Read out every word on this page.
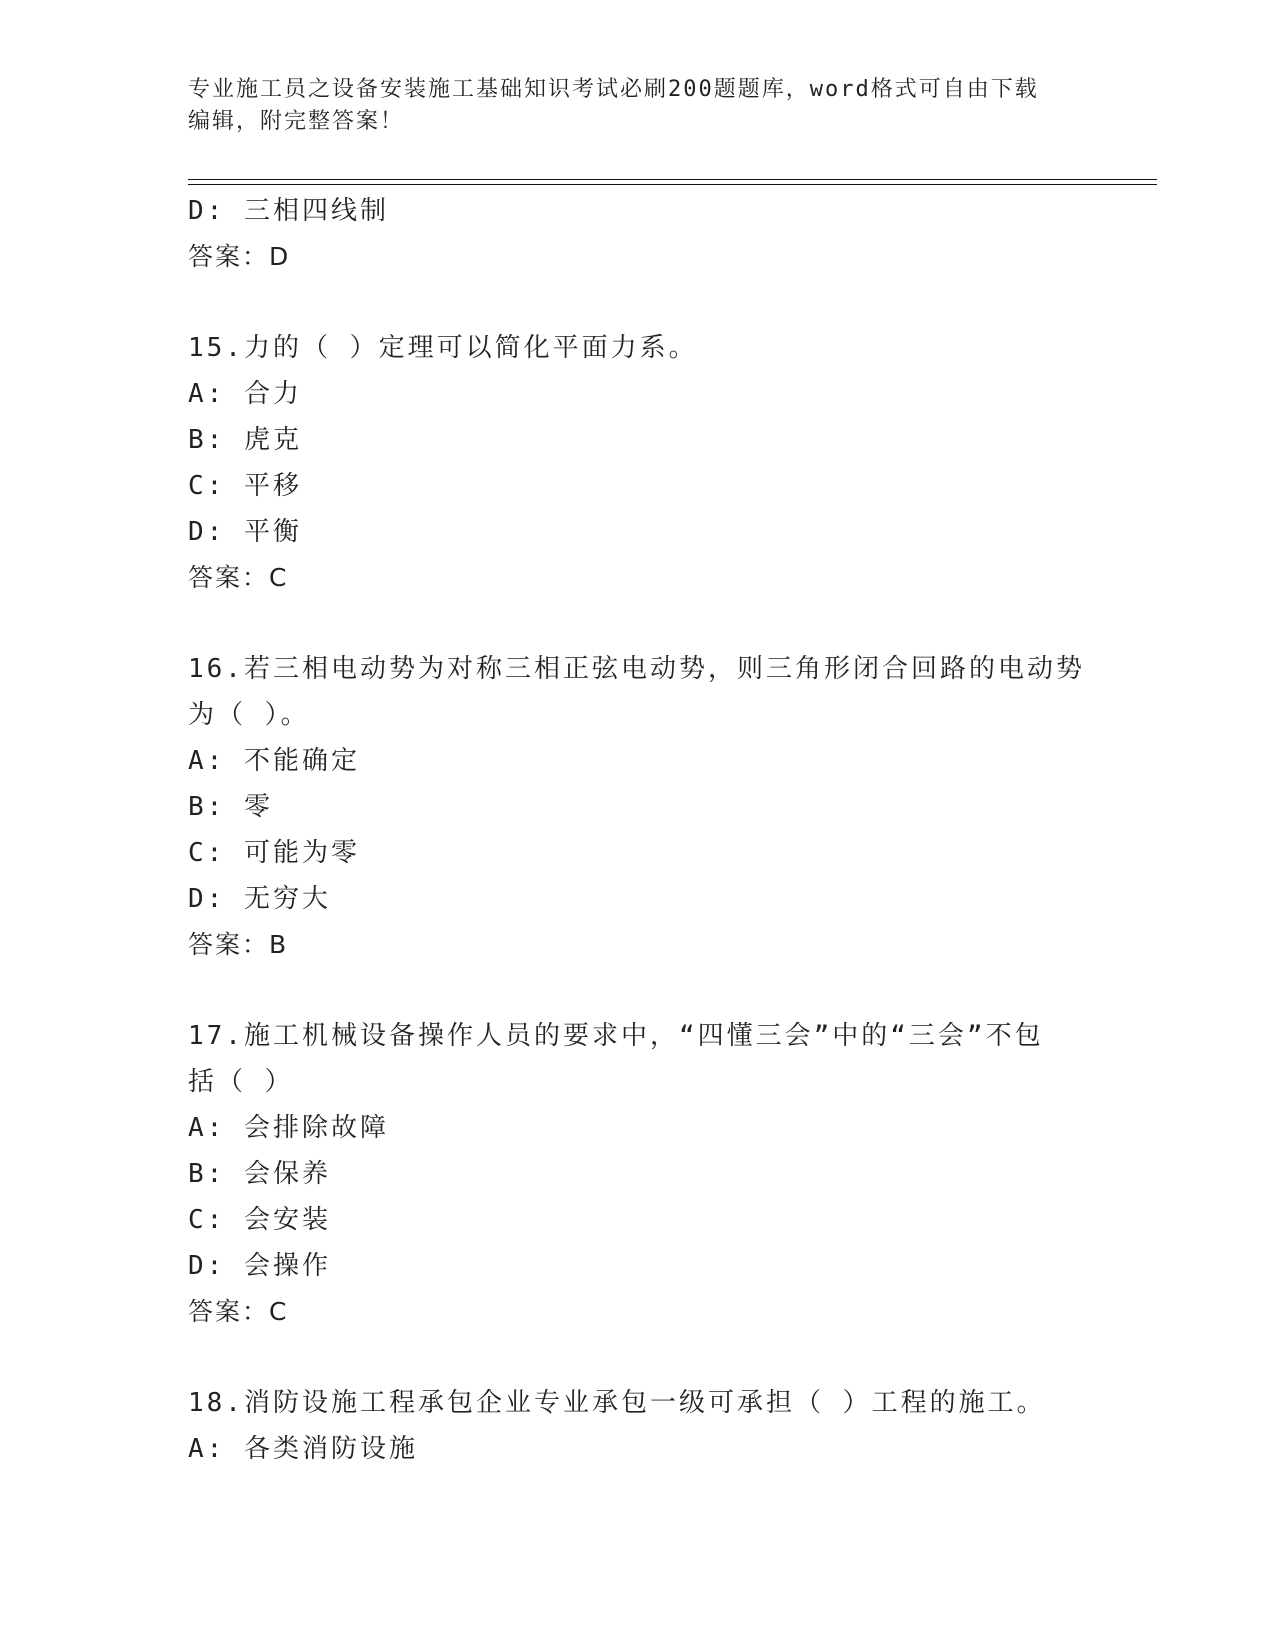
专业施工员之设备安装施工基础知识考试必刷200题题库，word格式可自由下载
编辑，附完整答案！
D: 三相四线制
答案：D
15.力的（ ）定理可以简化平面力系。
A: 合力
B: 虎克
C: 平移
D: 平衡
答案：C
16.若三相电动势为对称三相正弦电动势，则三角形闭合回路的电动势
为（ ）。
A: 不能确定
B: 零
C: 可能为零
D: 无穷大
答案：B
17.施工机械设备操作人员的要求中，“四懂三会”中的“三会”不包
括（ ）
A: 会排除故障
B: 会保养
C: 会安装
D: 会操作
答案：C
18.消防设施工程承包企业专业承包一级可承担（ ）工程的施工。
A: 各类消防设施
